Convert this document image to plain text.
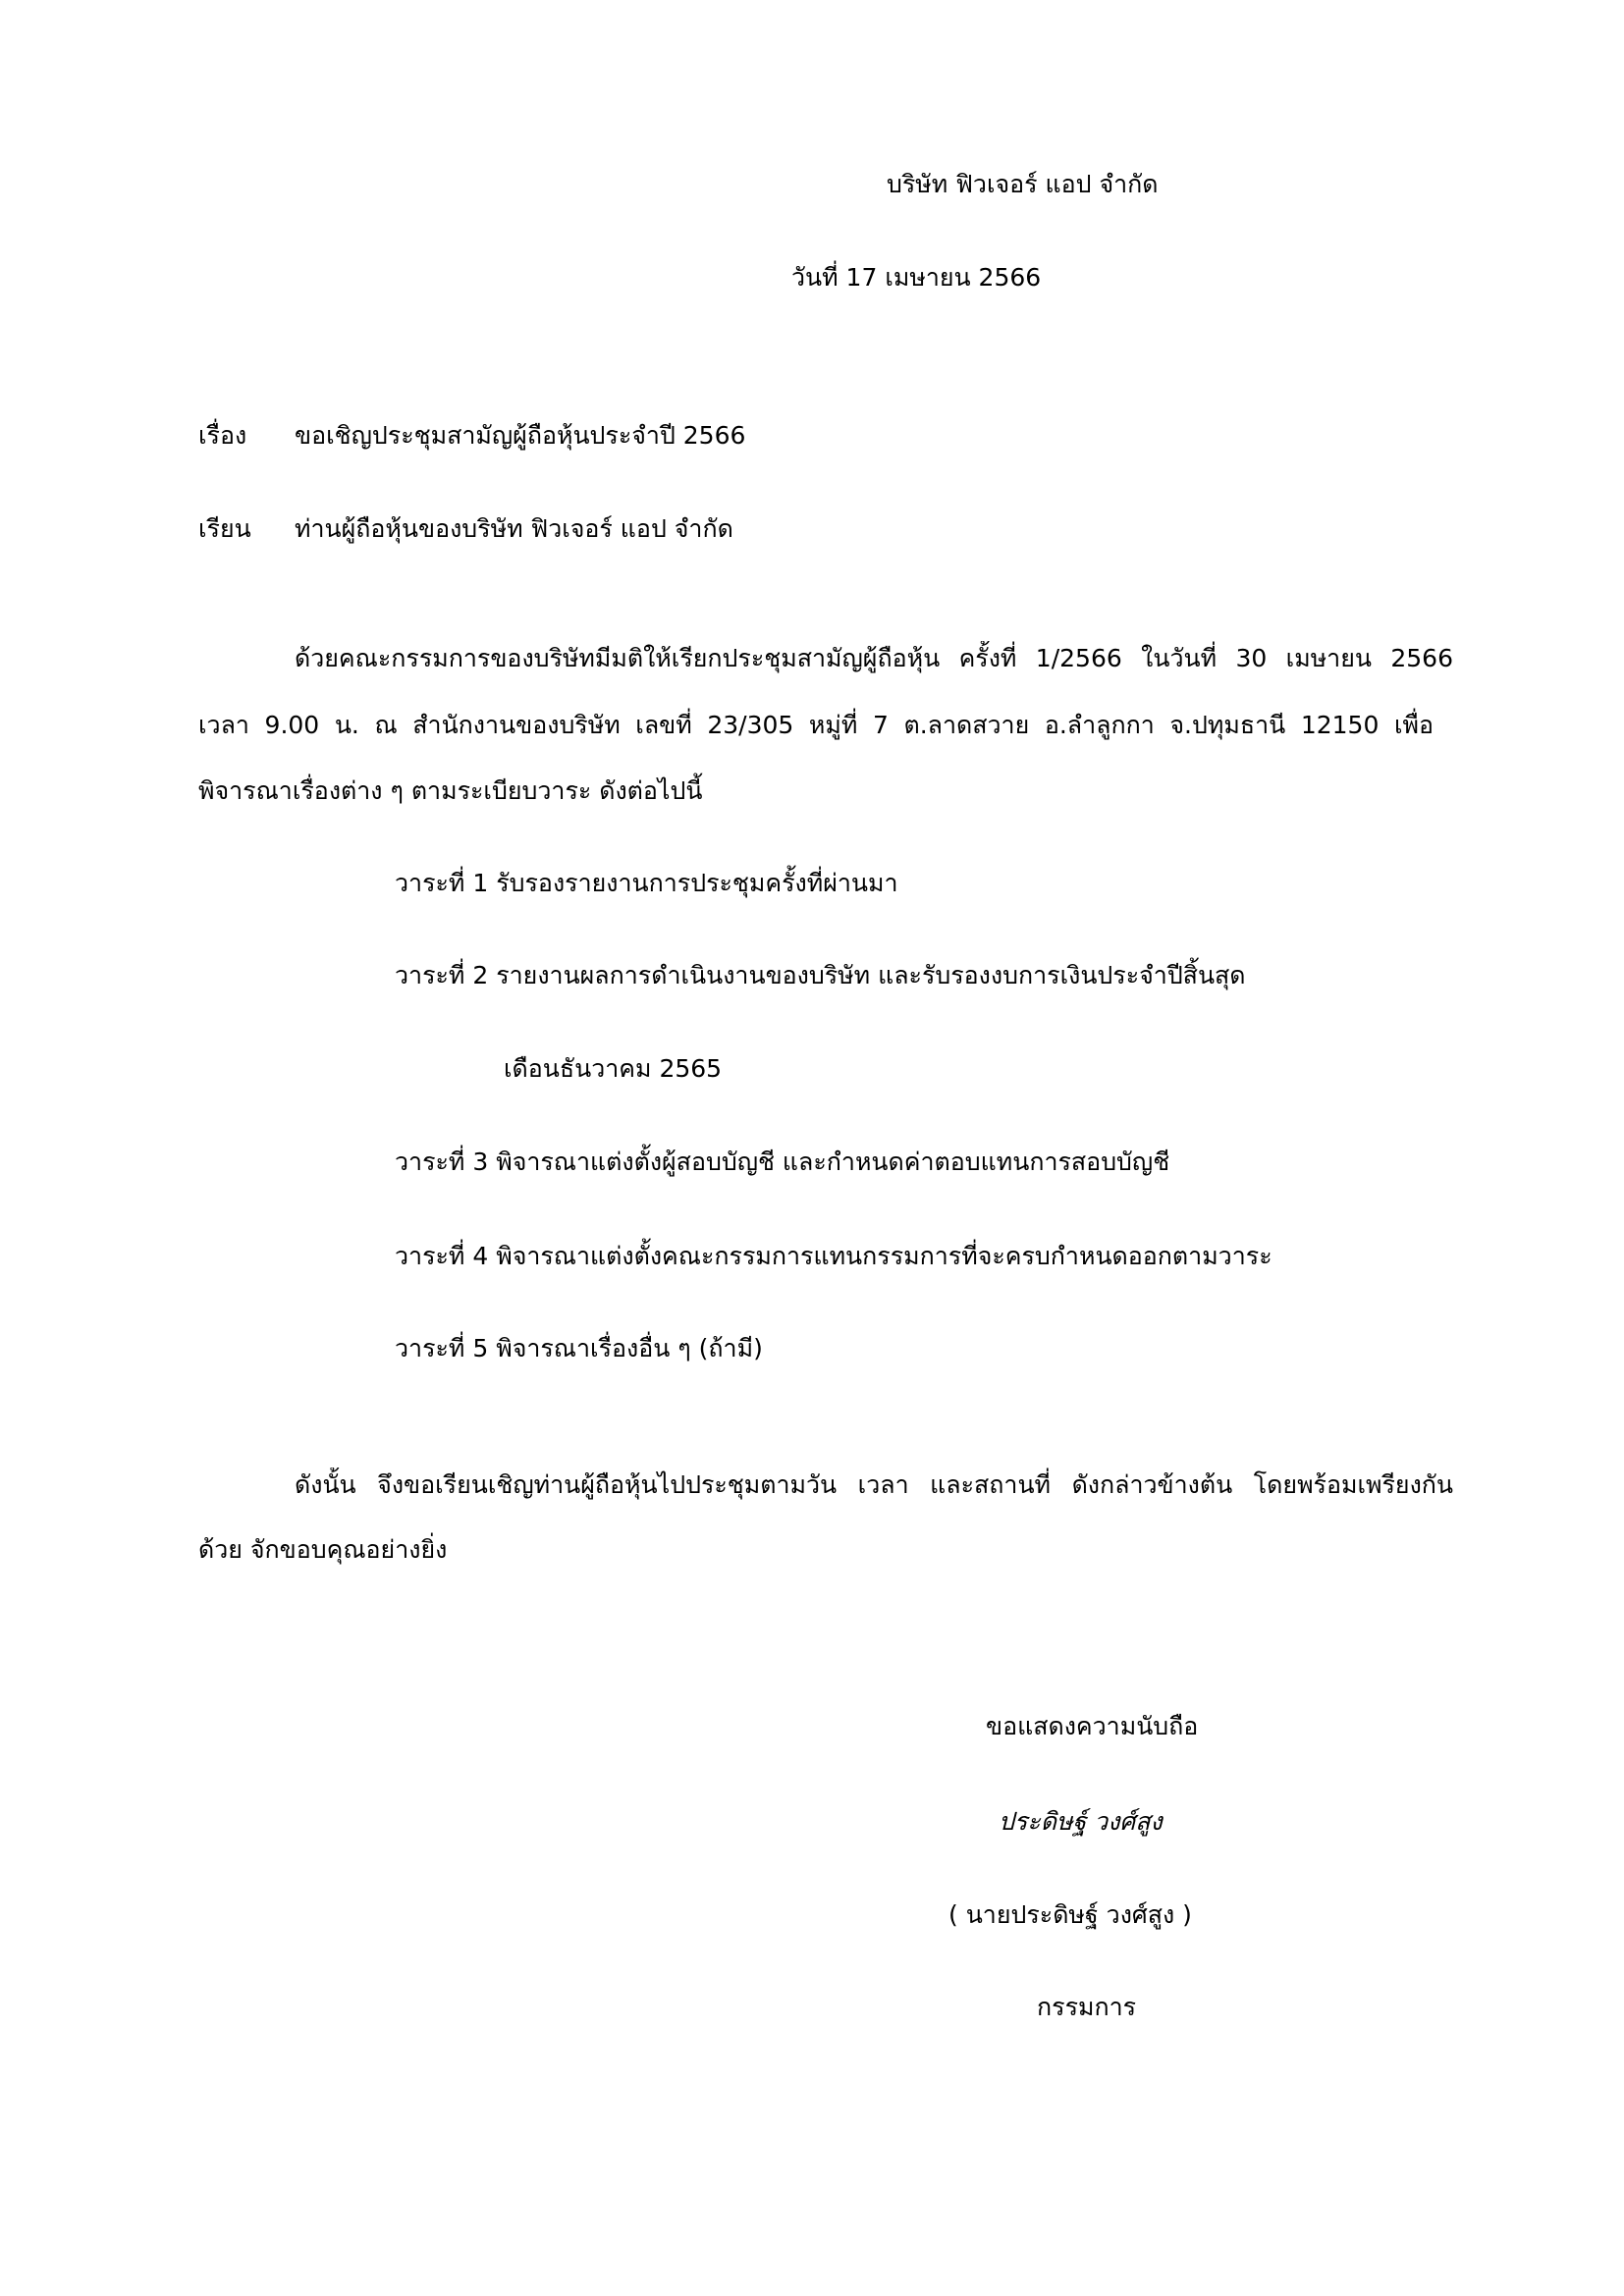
บริษัท ฟิวเจอร์ แอป จำกัด
วันที่ 17 เมษายน 2566
เรื่อง ขอเชิญประชุมสามัญผู้ถือหุ้นประจำปี 2566
เรียน ท่านผู้ถือหุ้นของบริษัท ฟิวเจอร์ แอป จำกัด
ด้วยคณะกรรมการของบริษัทมีมติให้เรียกประชุมสามัญผู้ถือหุ้น ครั้งที่ 1/2566 ในวันที่ 30 เมษายน 2566
เวลา 9.00 น. ณ สำนักงานของบริษัท เลขที่ 23/305 หมู่ที่ 7 ต.ลาดสวาย อ.ลำลูกกา จ.ปทุมธานี 12150 เพื่อ
พิจารณาเรื่องต่าง ๆ ตามระเบียบวาระ ดังต่อไปนี้
วาระที่ 1 รับรองรายงานการประชุมครั้งที่ผ่านมา
วาระที่ 2 รายงานผลการดำเนินงานของบริษัท และรับรองงบการเงินประจำปีสิ้นสุด
เดือนธันวาคม 2565
วาระที่ 3 พิจารณาแต่งตั้งผู้สอบบัญชี และกำหนดค่าตอบแทนการสอบบัญชี
วาระที่ 4 พิจารณาแต่งตั้งคณะกรรมการแทนกรรมการที่จะครบกำหนดออกตามวาระ
วาระที่ 5 พิจารณาเรื่องอื่น ๆ (ถ้ามี)
ดังนั้น จึงขอเรียนเชิญท่านผู้ถือหุ้นไปประชุมตามวัน เวลา และสถานที่ ดังกล่าวข้างต้น โดยพร้อมเพรียงกัน
ด้วย จักขอบคุณอย่างยิ่ง
ขอแสดงความนับถือ
ประดิษฐ์ วงศ์สูง
( นายประดิษฐ์ วงศ์สูง )
กรรมการ
